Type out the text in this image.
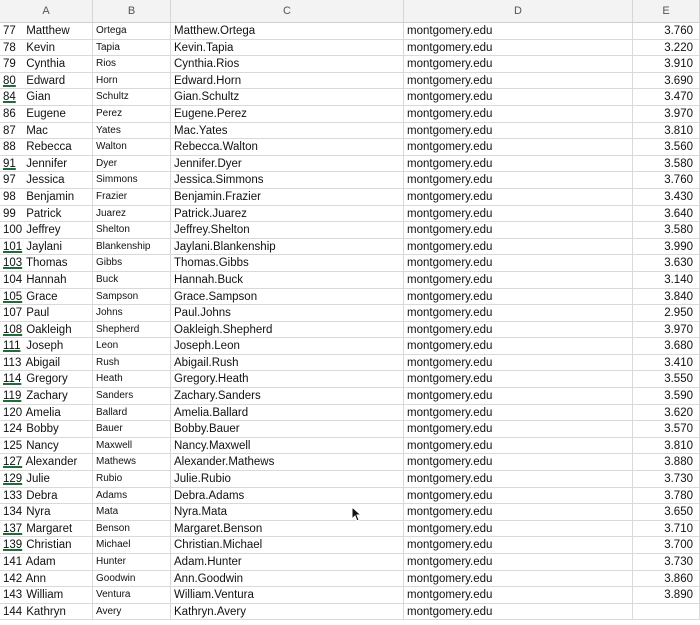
A	B	C	D	E
77 Matthew	Ortega	Matthew.Ortega	montgomery.edu	3.760
78 Kevin	Tapia	Kevin.Tapia	montgomery.edu	3.220
79 Cynthia	Rios	Cynthia.Rios	montgomery.edu	3.910
80 Edward	Horn	Edward.Horn	montgomery.edu	3.690
84 Gian	Schultz	Gian.Schultz	montgomery.edu	3.470
86 Eugene	Perez	Eugene.Perez	montgomery.edu	3.970
87 Mac	Yates	Mac.Yates	montgomery.edu	3.810
88 Rebecca	Walton	Rebecca.Walton	montgomery.edu	3.560
91 Jennifer	Dyer	Jennifer.Dyer	montgomery.edu	3.580
97 Jessica	Simmons	Jessica.Simmons	montgomery.edu	3.760
98 Benjamin	Frazier	Benjamin.Frazier	montgomery.edu	3.430
99 Patrick	Juarez	Patrick.Juarez	montgomery.edu	3.640
100 Jeffrey	Shelton	Jeffrey.Shelton	montgomery.edu	3.580
101 Jaylani	Blankenship	Jaylani.Blankenship	montgomery.edu	3.990
103 Thomas	Gibbs	Thomas.Gibbs	montgomery.edu	3.630
104 Hannah	Buck	Hannah.Buck	montgomery.edu	3.140
105 Grace	Sampson	Grace.Sampson	montgomery.edu	3.840
107 Paul	Johns	Paul.Johns	montgomery.edu	2.950
108 Oakleigh	Shepherd	Oakleigh.Shepherd	montgomery.edu	3.970
111 Joseph	Leon	Joseph.Leon	montgomery.edu	3.680
113 Abigail	Rush	Abigail.Rush	montgomery.edu	3.410
114 Gregory	Heath	Gregory.Heath	montgomery.edu	3.550
119 Zachary	Sanders	Zachary.Sanders	montgomery.edu	3.590
120 Amelia	Ballard	Amelia.Ballard	montgomery.edu	3.620
124 Bobby	Bauer	Bobby.Bauer	montgomery.edu	3.570
125 Nancy	Maxwell	Nancy.Maxwell	montgomery.edu	3.810
127 Alexander	Mathews	Alexander.Mathews	montgomery.edu	3.880
129 Julie	Rubio	Julie.Rubio	montgomery.edu	3.730
133 Debra	Adams	Debra.Adams	montgomery.edu	3.780
134 Nyra	Mata	Nyra.Mata	montgomery.edu	3.650
137 Margaret	Benson	Margaret.Benson	montgomery.edu	3.710
139 Christian	Michael	Christian.Michael	montgomery.edu	3.700
141 Adam	Hunter	Adam.Hunter	montgomery.edu	3.730
142 Ann	Goodwin	Ann.Goodwin	montgomery.edu	3.860
143 William	Ventura	William.Ventura	montgomery.edu	3.890
144 Kathryn	Avery	Kathryn.Avery	montgomery.edu
